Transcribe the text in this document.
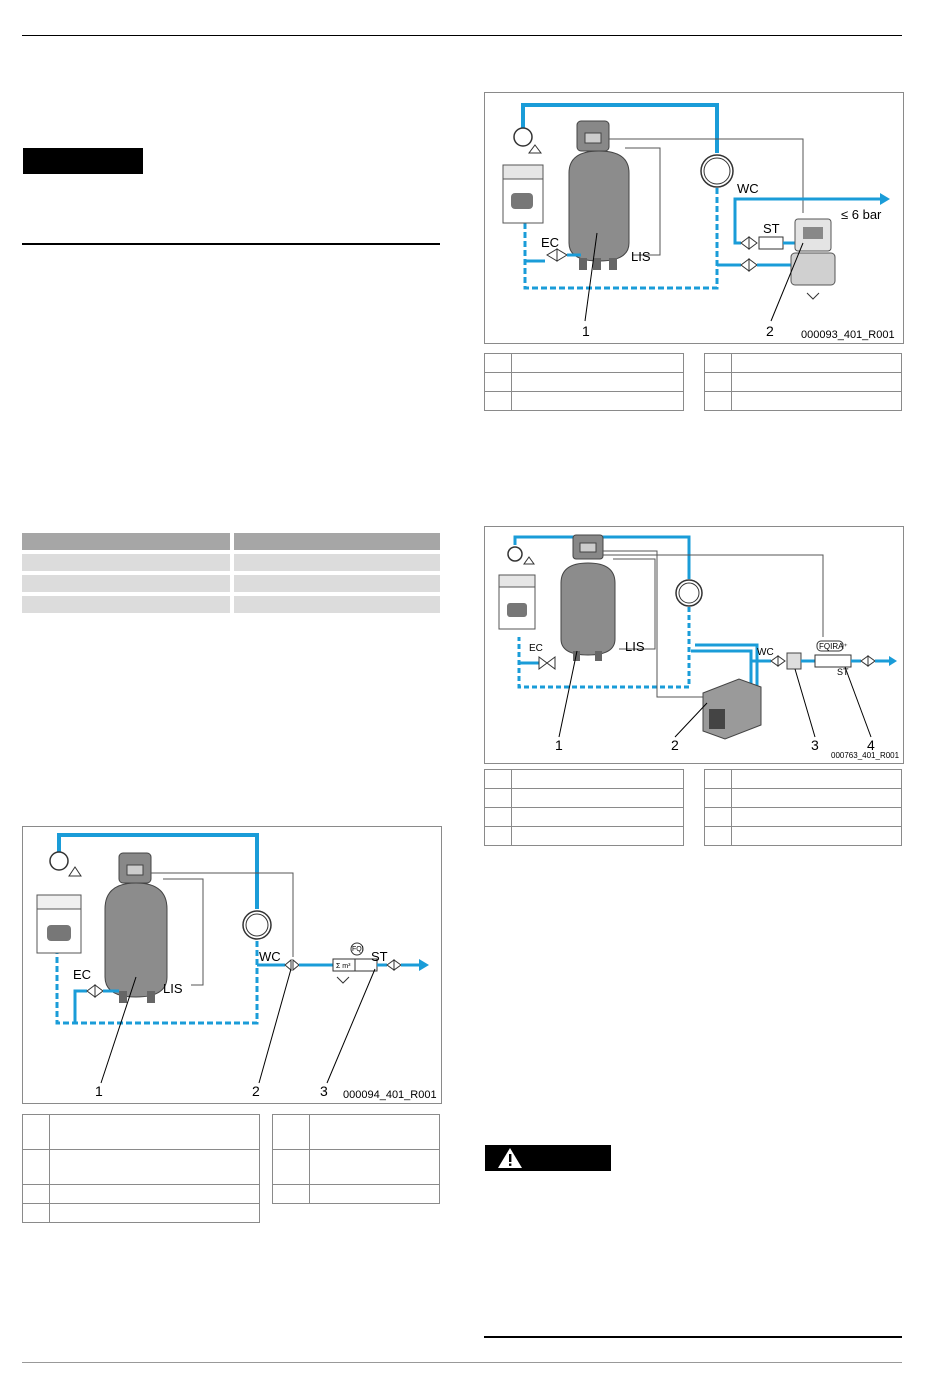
WC
≤ 6 bar
ST
EC
LIS
1	2 000093_401_R001

EC	LIS	WC
FQIRA⁺
ST
1	2	3	4
000763_401_R001

WC	FQI
Σ m³
ST
EC
LIS
1	2	3 000094_401_R001
